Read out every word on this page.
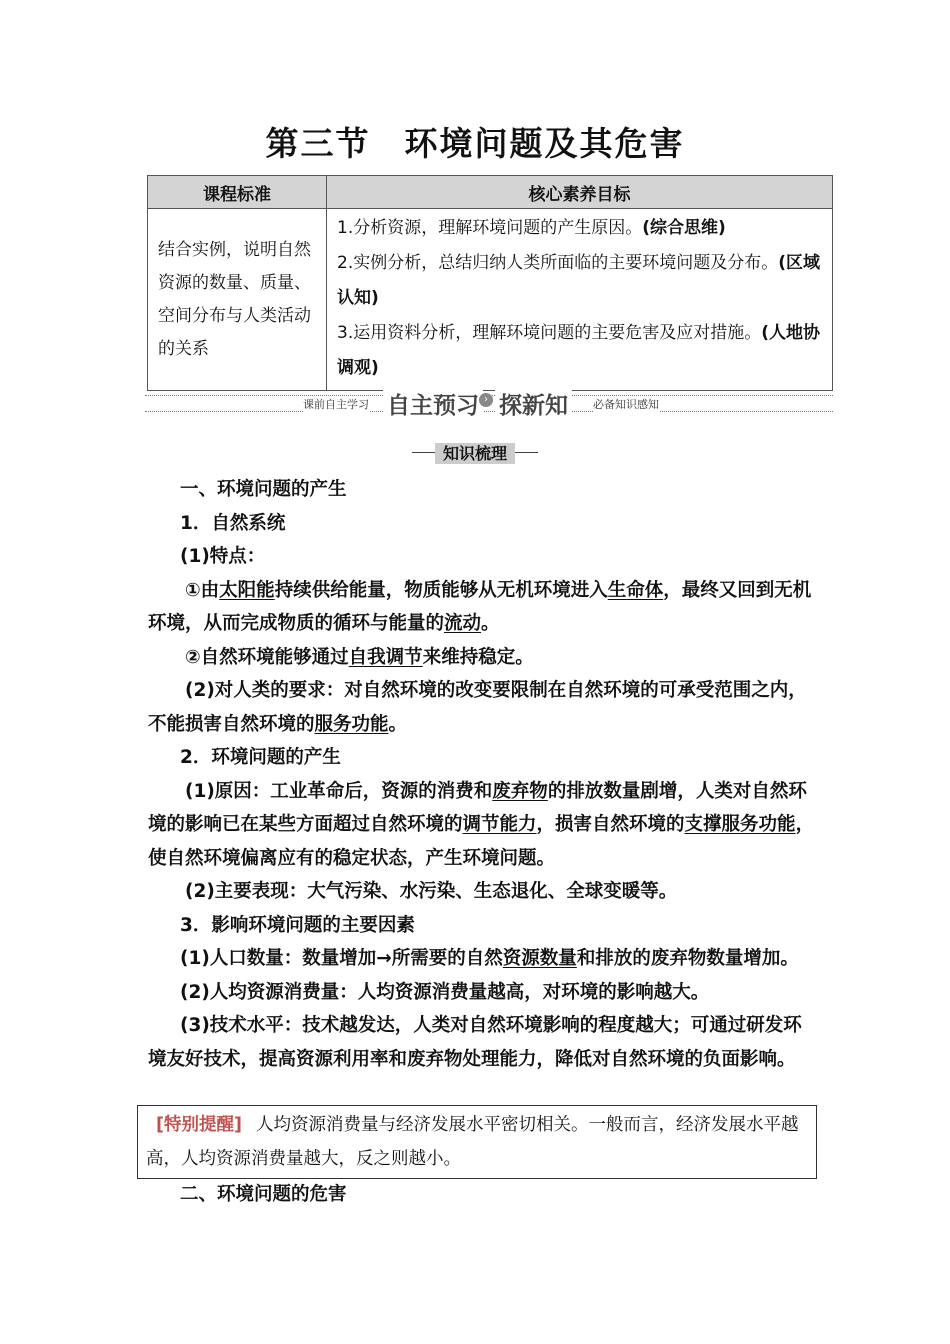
第三节 环境问题及其危害
课程标准	核心素养目标
结合实例，说明自然资源的数量、质量、空间分布与人类活动的关系	1.分析资源，理解环境问题的产生原因。(综合思维)
2.实例分析，总结归纳人类所面临的主要环境问题及分布。(区域认知)
3.运用资料分析，理解环境问题的主要危害及应对措施。(人地协调观)
课前自主学习 自主预习 › 探新知	必备知识感知
知识梳理

一、环境问题的产生

1．自然系统

(1)特点：

①由太阳能持续供给能量，物质能够从无机环境进入生命体，最终又回到无机环境，从而完成物质的循环与能量的流动。

②自然环境能够通过自我调节来维持稳定。

(2)对人类的要求：对自然环境的改变要限制在自然环境的可承受范围之内，不能损害自然环境的服务功能。

2．环境问题的产生

(1)原因：工业革命后，资源的消费和废弃物的排放数量剧增，人类对自然环境的影响已在某些方面超过自然环境的调节能力，损害自然环境的支撑服务功能，使自然环境偏离应有的稳定状态，产生环境问题。

(2)主要表现：大气污染、水污染、生态退化、全球变暖等。

3．影响环境问题的主要因素

(1)人口数量：数量增加→所需要的自然资源数量和排放的废弃物数量增加。

(2)人均资源消费量：人均资源消费量越高，对环境的影响越大。

(3)技术水平：技术越发达，人类对自然环境影响的程度越大；可通过研发环境友好技术，提高资源利用率和废弃物处理能力，降低对自然环境的负面影响。

[特别提醒] 人均资源消费量与经济发展水平密切相关。一般而言，经济发展水平越高，人均资源消费量越大，反之则越小。
二、环境问题的危害
